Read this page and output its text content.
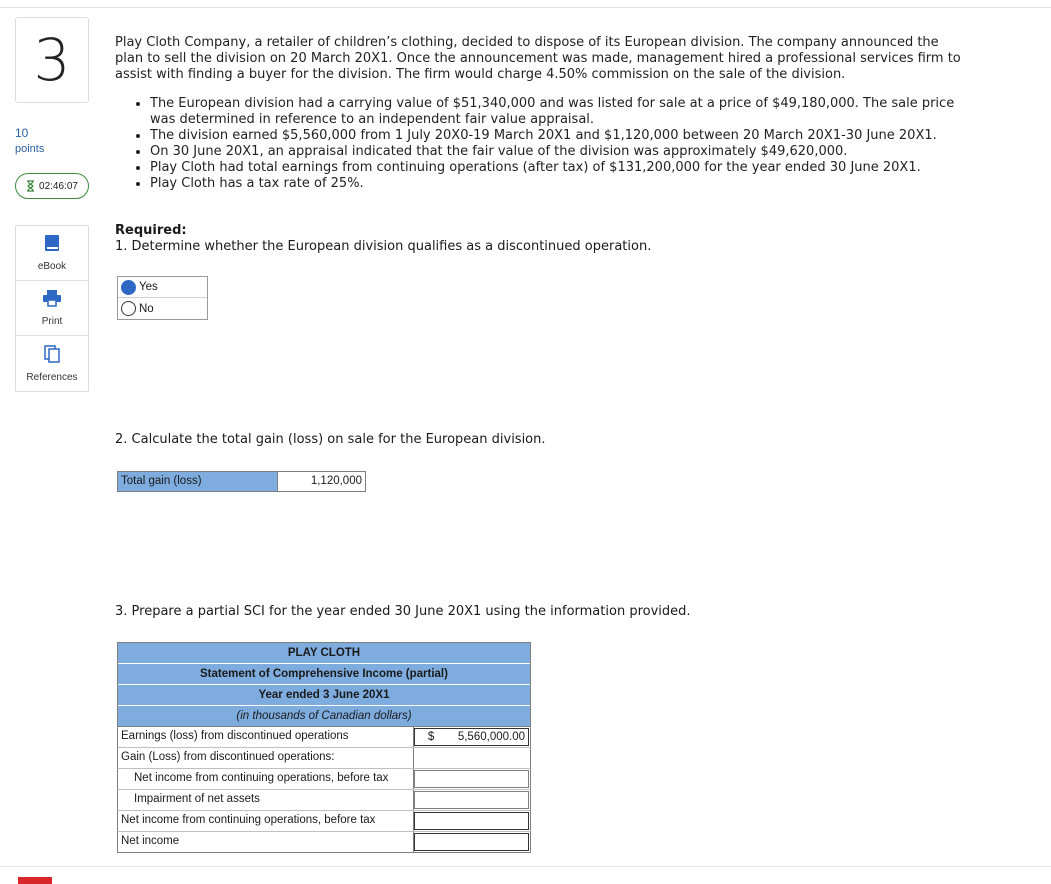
3
10
points
02:46:07
eBook
Print
References
Play Cloth Company, a retailer of children’s clothing, decided to dispose of its European division. The company announced the plan to sell the division on 20 March 20X1. Once the announcement was made, management hired a professional services firm to assist with finding a buyer for the division. The firm would charge 4.50% commission on the sale of the division.
• The European division had a carrying value of $51,340,000 and was listed for sale at a price of $49,180,000. The sale price was determined in reference to an independent fair value appraisal.
• The division earned $5,560,000 from 1 July 20X0-19 March 20X1 and $1,120,000 between 20 March 20X1-30 June 20X1.
• On 30 June 20X1, an appraisal indicated that the fair value of the division was approximately $49,620,000.
• Play Cloth had total earnings from continuing operations (after tax) of $131,200,000 for the year ended 30 June 20X1.
• Play Cloth has a tax rate of 25%.
Required:
1. Determine whether the European division qualifies as a discontinued operation.
Yes
No
2. Calculate the total gain (loss) on sale for the European division.
Total gain (loss)	1,120,000
3. Prepare a partial SCI for the year ended 30 June 20X1 using the information provided.
PLAY CLOTH
Statement of Comprehensive Income (partial)
Year ended 3 June 20X1
(in thousands of Canadian dollars)
Earnings (loss) from discontinued operations	$	5,560,000.00
Gain (Loss) from discontinued operations:
Net income from continuing operations, before tax
Impairment of net assets
Net income from continuing operations, before tax
Net income
